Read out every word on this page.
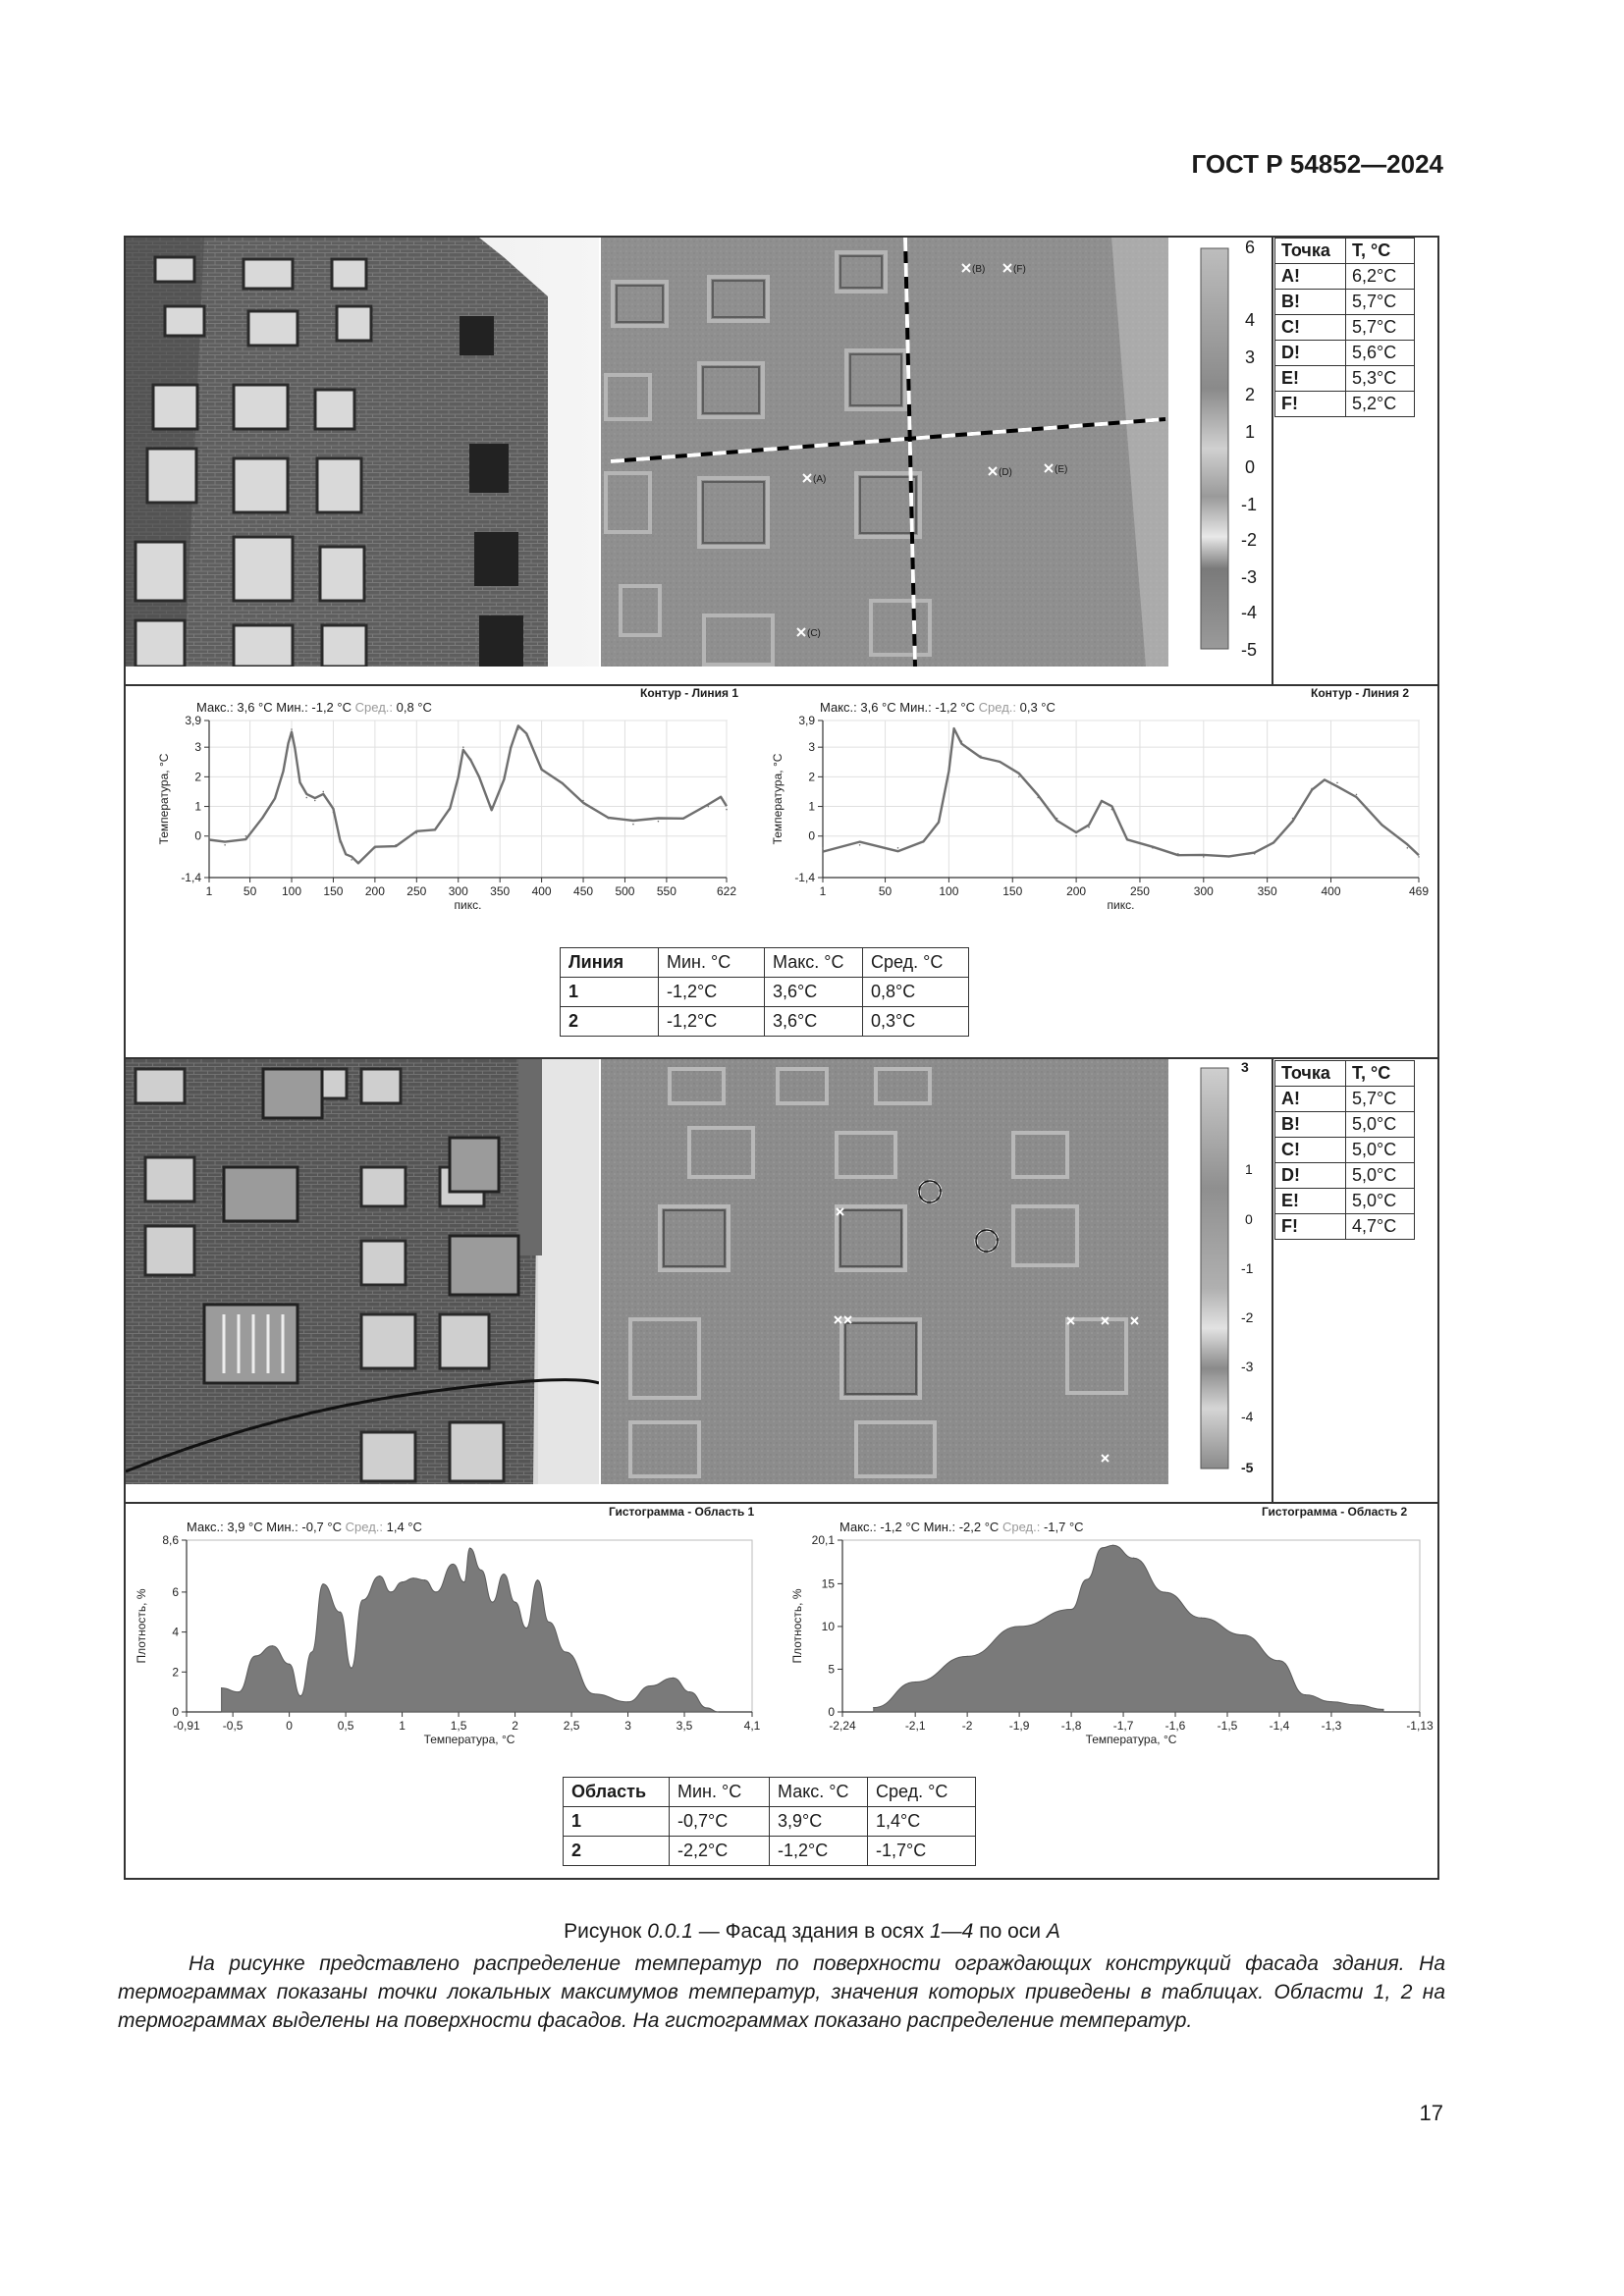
ГОСТ Р 54852—2024
(B)	(F)
(A)
(D)	(E)
(C)
6
4
3
2
1
0
-1
-2
-3
-4
-5
Точка	T, °C
A!	6,2°C
B!	5,7°C
C!	5,7°C
D!	5,6°C
E!	5,3°C
F!	5,2°C
Контур - Линия 1	Контур - Линия 2
Макс.: 3,6 °C Мин.: -1,2 °C Сред.: 0,8 °C	Макс.: 3,6 °C Мин.: -1,2 °C Сред.: 0,3 °C
3,9
3
2
1
0
-1,4
1	50 100 150 200 250 300 350 400 450 500 550	622
пикс.
Температура, °C
3,9
3
2
1
0
-1,4
1	50	100	150	200	250	300	350	400	469
пикс.
Температура, °C
Линия	Мин. °C	Макс. °C	Сред. °C
1	-1,2°C	3,6°C	0,8°C
2	-1,2°C	3,6°C	0,3°C
3
1
0
-1
-2
-3
-4
-5
Точка	T, °C
A!	5,7°C
B!	5,0°C
C!	5,0°C
D!	5,0°C
E!	5,0°C
F!	4,7°C
Гистограмма - Область 1	Гистограмма - Область 2
Макс.: 3,9 °C Мин.: -0,7 °C Сред.: 1,4 °C	Макс.: -1,2 °C Мин.: -2,2 °C Сред.: -1,7 °C
8,6
6
4
2
0
-0,91 -0,5	0	0,5	1	1,5	2	2,5	3	3,5	4,1
Температура, °C
Плотность, %
20,1
15
10
5
0
-2,24	-2,1	-2	-1,9	-1,8	-1,7	-1,6	-1,5	-1,4	-1,3	-1,13
Температура, °C
Плотность, %
Область	Мин. °C	Макс. °C	Сред. °C
1	-0,7°C	3,9°C	1,4°C
2	-2,2°C	-1,2°C	-1,7°C
Рисунок 0.0.1 — Фасад здания в осях 1—4 по оси А
На рисунке представлено распределение температур по поверхности ограждающих конструкций фасада здания. На термограммах показаны точки локальных максимумов температур, значения которых приведены в таблицах. Области 1, 2 на термограммах выделены на поверхности фасадов. На гистограммах показано распределение температур.
17
